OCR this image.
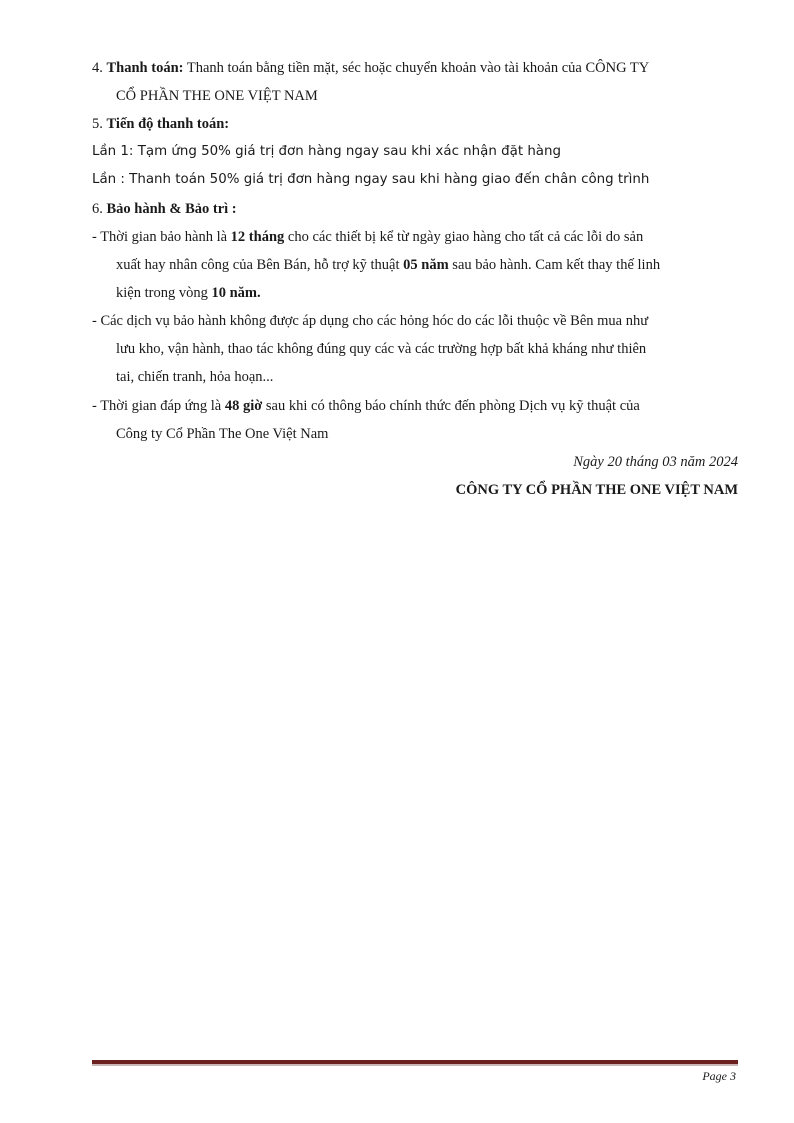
4. Thanh toán: Thanh toán bằng tiền mặt, séc hoặc chuyển khoản vào tài khoản của CÔNG TY
CỔ PHẦN THE ONE VIỆT NAM
5. Tiến độ thanh toán:
Lần 1: Tạm ứng 50% giá trị đơn hàng ngay sau khi xác nhận đặt hàng
Lần : Thanh toán 50% giá trị đơn hàng ngay sau khi hàng giao đến chân công trình
6. Bảo hành & Bảo trì :
- Thời gian bảo hành là 12 tháng cho các thiết bị kể từ ngày giao hàng cho tất cả các lỗi do sản
xuất hay nhân công của Bên Bán, hỗ trợ kỹ thuật 05 năm sau bảo hành. Cam kết thay thế linh
kiện trong vòng 10 năm.
- Các dịch vụ bảo hành không được áp dụng cho các hỏng hóc do các lỗi thuộc về Bên mua như
lưu kho, vận hành, thao tác không đúng quy các và các trường hợp bất khả kháng như thiên
tai, chiến tranh, hỏa hoạn...
- Thời gian đáp ứng là 48 giờ sau khi có thông báo chính thức đến phòng Dịch vụ kỹ thuật của
Công ty Cổ Phần The One Việt Nam
Ngày 20 tháng 03 năm 2024
CÔNG TY CỔ PHẦN THE ONE VIỆT NAM
Page 3
